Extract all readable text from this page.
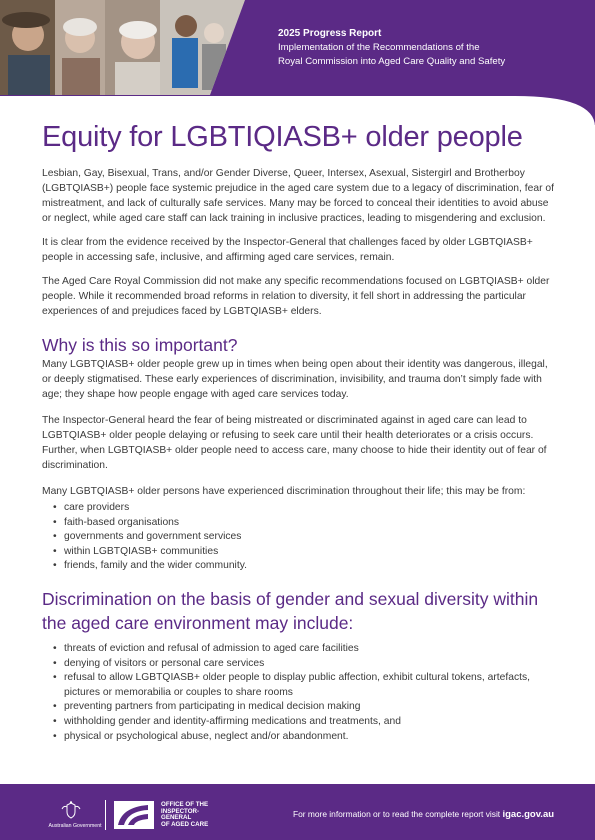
2025 Progress Report
Implementation of the Recommendations of the
Royal Commission into Aged Care Quality and Safety
Equity for LGBTIQIASB+ older people

Lesbian, Gay, Bisexual, Trans, and/or Gender Diverse, Queer, Intersex, Asexual, Sistergirl and Brotherboy (LGBTQIASB+) people face systemic prejudice in the aged care system due to a legacy of discrimination, fear of mistreatment, and lack of culturally safe services. Many may be forced to conceal their identities to avoid abuse or neglect, while aged care staff can lack training in inclusive practices, leading to misgendering and exclusion.

It is clear from the evidence received by the Inspector-General that challenges faced by older LGBTQIASB+ people in accessing safe, inclusive, and affirming aged care services, remain.

The Aged Care Royal Commission did not make any specific recommendations focused on LGBTQIASB+ older people. While it recommended broad reforms in relation to diversity, it fell short in addressing the particular experiences of and prejudices faced by LGBTQIASB+ elders.

Why is this so important?

Many LGBTQIASB+ older people grew up in times when being open about their identity was dangerous, illegal, or deeply stigmatised. These early experiences of discrimination, invisibility, and trauma don’t simply fade with age; they shape how people engage with aged care services today.

The Inspector-General heard the fear of being mistreated or discriminated against in aged care can lead to LGBTQIASB+ older people delaying or refusing to seek care until their health deteriorates or a crisis occurs. Further, when LGBTQIASB+ older people need to access care, many choose to hide their identity out of fear of discrimination.

Many LGBTQIASB+ older persons have experienced discrimination throughout their life; this may be from:

• care providers
• faith-based organisations
• governments and government services
• within LGBTQIASB+ communities
• friends, family and the wider community.
Discrimination on the basis of gender and sexual diversity within the aged care environment may include:
• threats of eviction and refusal of admission to aged care facilities
• denying of visitors or personal care services
• refusal to allow LGBTQIASB+ older people to display public affection, exhibit cultural tokens, artefacts, pictures or memorabilia or couples to share rooms
• preventing partners from participating in medical decision making
• withholding gender and identity-affirming medications and treatments, and
• physical or psychological abuse, neglect and/or abandonment.
Australian Government
OFFICE OF THE
INSPECTOR-
GENERAL
OF AGED CARE
For more information or to read the complete report visit igac.gov.au
